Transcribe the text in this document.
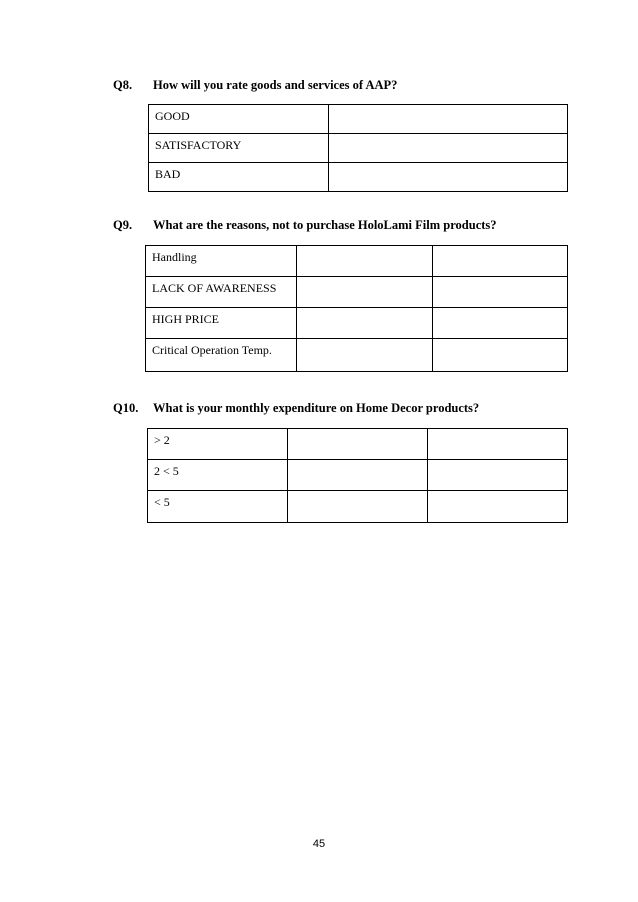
Q8. How will you rate goods and services of AAP?
GOOD	
SATISFACTORY	
BAD	
Q9. What are the reasons, not to purchase HoloLami Film products?
Handling		
LACK OF AWARENESS		
HIGH PRICE		
Critical Operation Temp.		
Q10. What is your monthly expenditure on Home Decor products?
> 2		
2 < 5		
< 5		
45
